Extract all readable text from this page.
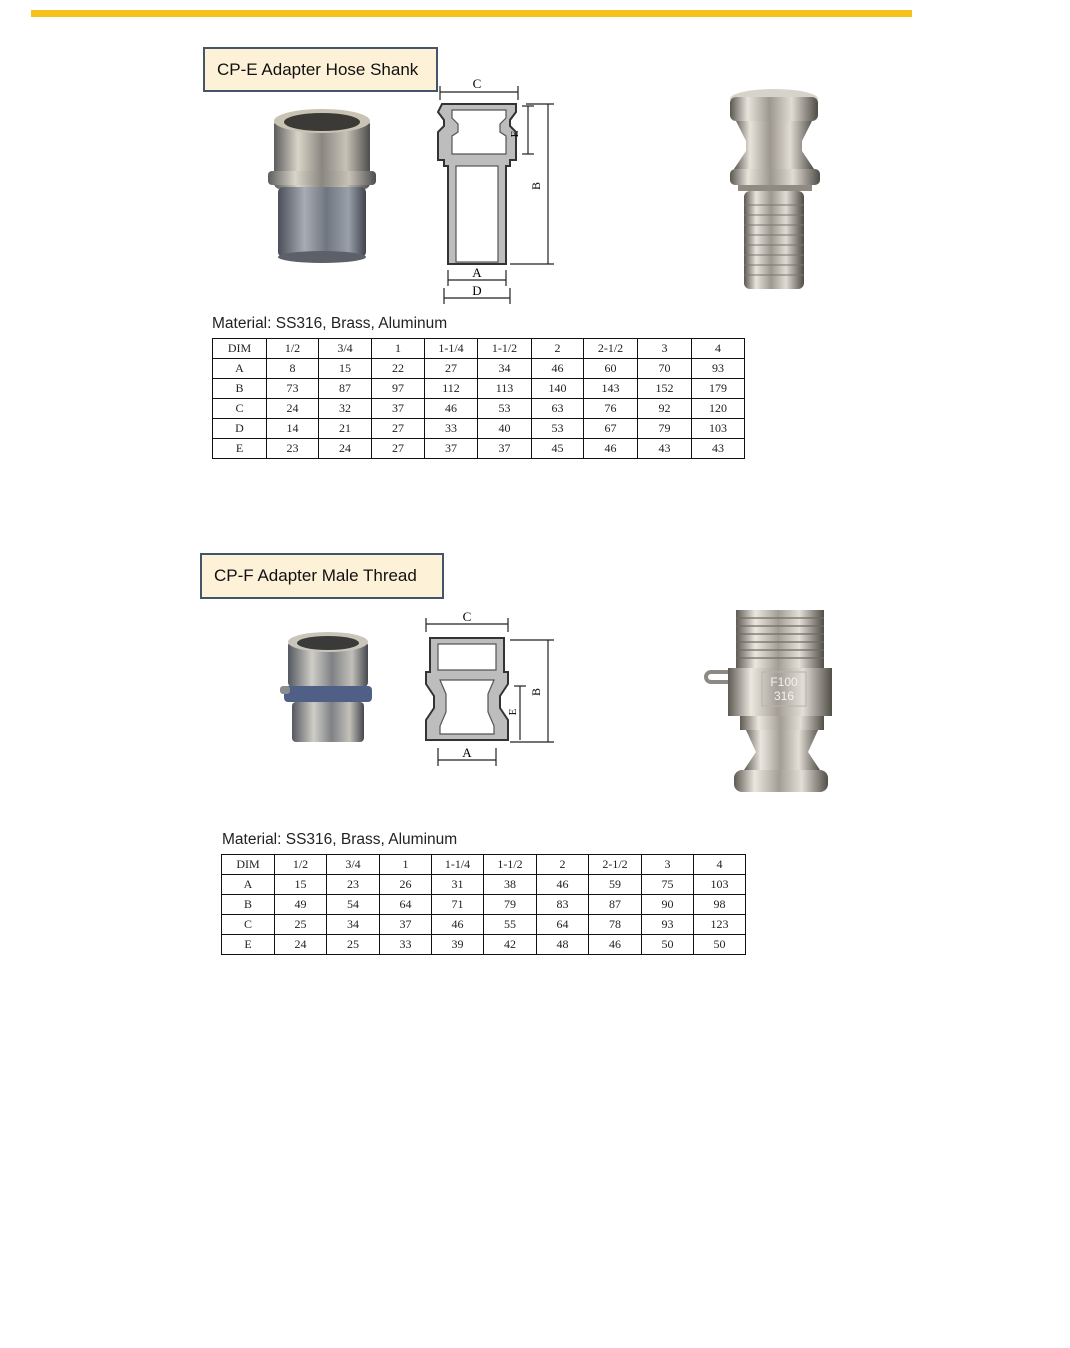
CP-E Adapter Hose Shank
C
E
B
A
D
Material: SS316, Brass, Aluminum
DIM	1/2	3/4	1	1-1/4	1-1/2	2	2-1/2	3	4
A	8	15	22	27	34	46	60	70	93
B	73	87	97	112	113	140	143	152	179
C	24	32	37	46	53	63	76	92	120
D	14	21	27	33	40	53	67	79	103
E	23	24	27	37	37	45	46	43	43
CP-F Adapter Male Thread
C
E
B
A
F100
316
Material: SS316, Brass, Aluminum
DIM	1/2	3/4	1	1-1/4	1-1/2	2	2-1/2	3	4
A	15	23	26	31	38	46	59	75	103
B	49	54	64	71	79	83	87	90	98
C	25	34	37	46	55	64	78	93	123
E	24	25	33	39	42	48	46	50	50
